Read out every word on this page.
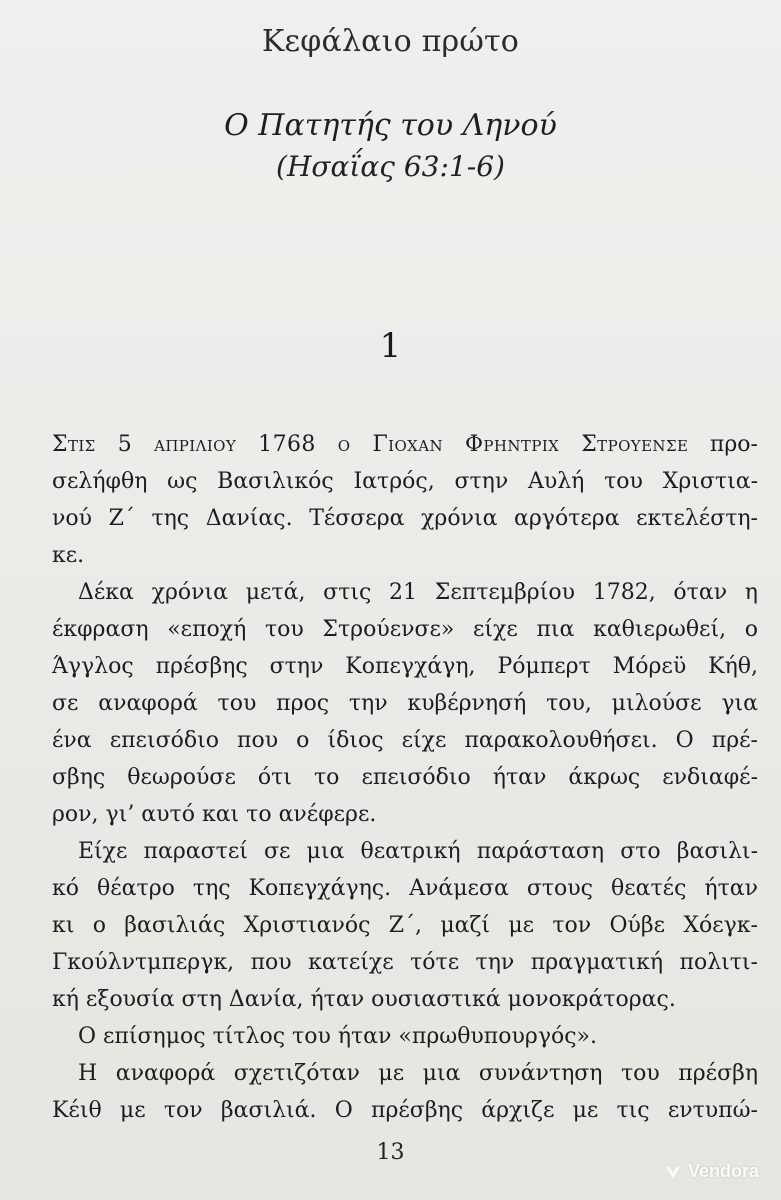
Κεφάλαιο πρώτο
Ο Πατητής του Ληνού
(Ησαΐας 63:1-6)
1
Στις 5 απριλιου 1768 ο Γιοχαν Φρηντριχ Στρουενσε προ-
σελήφθη ως Βασιλικός Ιατρός, στην Αυλή του Χριστια-
νού Ζ΄ της Δανίας. Τέσσερα χρόνια αργότερα εκτελέστη-
κε.
Δέκα χρόνια μετά, στις 21 Σεπτεμβρίου 1782, όταν η
έκφραση «εποχή του Στρούενσε» είχε πια καθιερωθεί, ο
Άγγλος πρέσβης στην Κοπεγχάγη, Ρόμπερτ Μόρεϋ Κήθ,
σε αναφορά του προς την κυβέρνησή του, μιλούσε για
ένα επεισόδιο που ο ίδιος είχε παρακολουθήσει. Ο πρέ-
σβης θεωρούσε ότι το επεισόδιο ήταν άκρως ενδιαφέ-
ρον, γι’ αυτό και το ανέφερε.
Είχε παραστεί σε μια θεατρική παράσταση στο βασιλι-
κό θέατρο της Κοπεγχάγης. Ανάμεσα στους θεατές ήταν
κι ο βασιλιάς Χριστιανός Ζ΄, μαζί με τον Ούβε Χόεγκ-
Γκούλντμπεργκ, που κατείχε τότε την πραγματική πολιτι-
κή εξουσία στη Δανία, ήταν ουσιαστικά μονοκράτορας.
Ο επίσημος τίτλος του ήταν «πρωθυπουργός».
Η αναφορά σχετιζόταν με μια συνάντηση του πρέσβη
Κέιθ με τον βασιλιά. Ο πρέσβης άρχιζε με τις εντυπώ-
13
Vendora
